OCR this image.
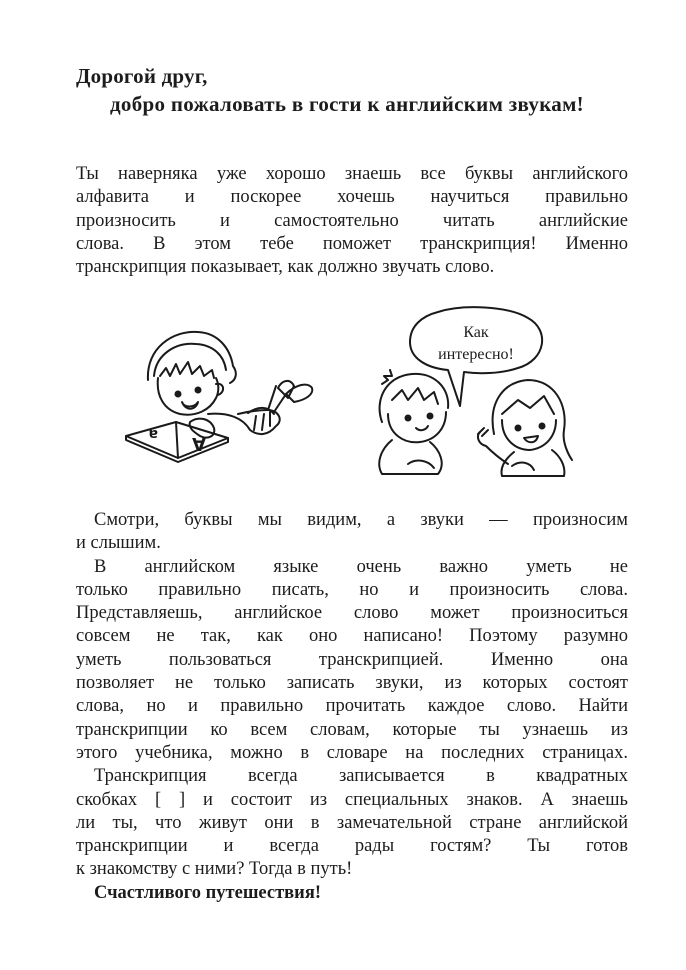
Дорогой друг,
добро пожаловать в гости к английским звукам!
Ты наверняка уже хорошо знаешь все буквы английского
алфавита и поскорее хочешь научиться правильно
произносить и самостоятельно читать английские
слова. В этом тебе поможет транскрипция! Именно
транскрипция показывает, как должно звучать слово.
a A
Как
интересно!
Смотри, буквы мы видим, а звуки — произносим
и слышим.
В английском языке очень важно уметь не
только правильно писать, но и произносить слова.
Представляешь, английское слово может произноситься
совсем не так, как оно написано! Поэтому разумно
уметь пользоваться транскрипцией. Именно она
позволяет не только записать звуки, из которых состоят
слова, но и правильно прочитать каждое слово. Найти
транскрипции ко всем словам, которые ты узнаешь из
этого учебника, можно в словаре на последних страницах.
Транскрипция всегда записывается в квадратных
скобках [ ] и состоит из специальных знаков. А знаешь
ли ты, что живут они в замечательной стране английской
транскрипции и всегда рады гостям? Ты готов
к знакомству с ними? Тогда в путь!
Счастливого путешествия!
